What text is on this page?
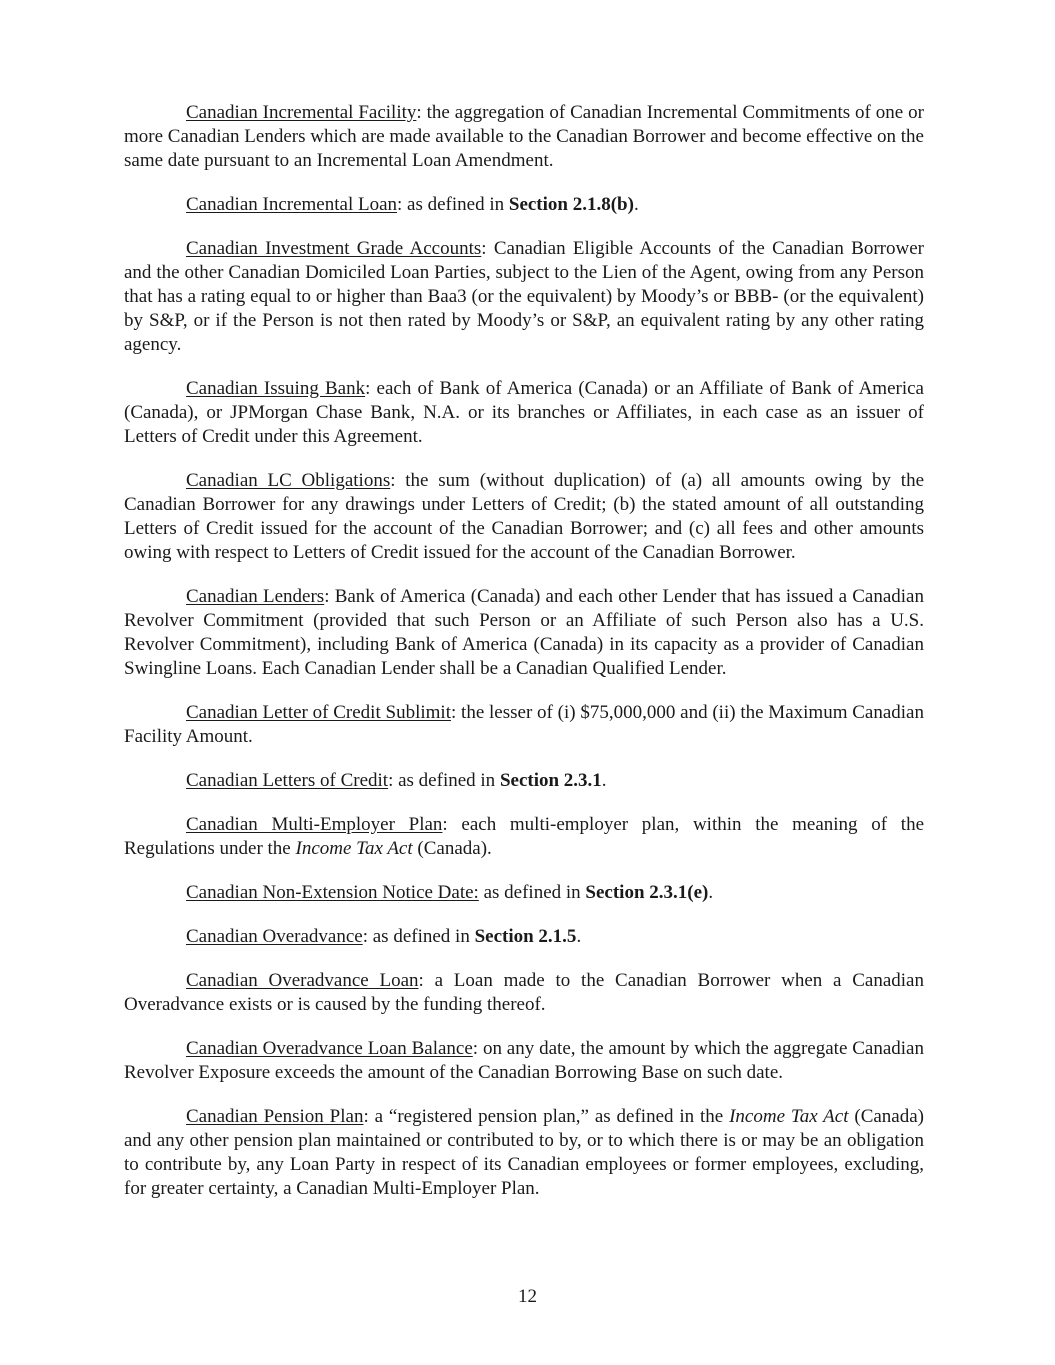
Canadian Incremental Facility: the aggregation of Canadian Incremental Commitments of one or more Canadian Lenders which are made available to the Canadian Borrower and become effective on the same date pursuant to an Incremental Loan Amendment.

Canadian Incremental Loan: as defined in Section 2.1.8(b).

Canadian Investment Grade Accounts: Canadian Eligible Accounts of the Canadian Borrower and the other Canadian Domiciled Loan Parties, subject to the Lien of the Agent, owing from any Person that has a rating equal to or higher than Baa3 (or the equivalent) by Moody’s or BBB- (or the equivalent) by S&P, or if the Person is not then rated by Moody’s or S&P, an equivalent rating by any other rating agency.

Canadian Issuing Bank: each of Bank of America (Canada) or an Affiliate of Bank of America (Canada), or JPMorgan Chase Bank, N.A. or its branches or Affiliates, in each case as an issuer of Letters of Credit under this Agreement.

Canadian LC Obligations: the sum (without duplication) of (a) all amounts owing by the Canadian Borrower for any drawings under Letters of Credit; (b) the stated amount of all outstanding Letters of Credit issued for the account of the Canadian Borrower; and (c) all fees and other amounts owing with respect to Letters of Credit issued for the account of the Canadian Borrower.

Canadian Lenders: Bank of America (Canada) and each other Lender that has issued a Canadian Revolver Commitment (provided that such Person or an Affiliate of such Person also has a U.S. Revolver Commitment), including Bank of America (Canada) in its capacity as a provider of Canadian Swingline Loans. Each Canadian Lender shall be a Canadian Qualified Lender.

Canadian Letter of Credit Sublimit: the lesser of (i) $75,000,000 and (ii) the Maximum Canadian Facility Amount.

Canadian Letters of Credit: as defined in Section 2.3.1.

Canadian Multi-Employer Plan: each multi-employer plan, within the meaning of the Regulations under the Income Tax Act (Canada).

Canadian Non-Extension Notice Date: as defined in Section 2.3.1(e).

Canadian Overadvance: as defined in Section 2.1.5.

Canadian Overadvance Loan: a Loan made to the Canadian Borrower when a Canadian Overadvance exists or is caused by the funding thereof.

Canadian Overadvance Loan Balance: on any date, the amount by which the aggregate Canadian Revolver Exposure exceeds the amount of the Canadian Borrowing Base on such date.

Canadian Pension Plan: a “registered pension plan,” as defined in the Income Tax Act (Canada) and any other pension plan maintained or contributed to by, or to which there is or may be an obligation to contribute by, any Loan Party in respect of its Canadian employees or former employees, excluding, for greater certainty, a Canadian Multi-Employer Plan.

12
